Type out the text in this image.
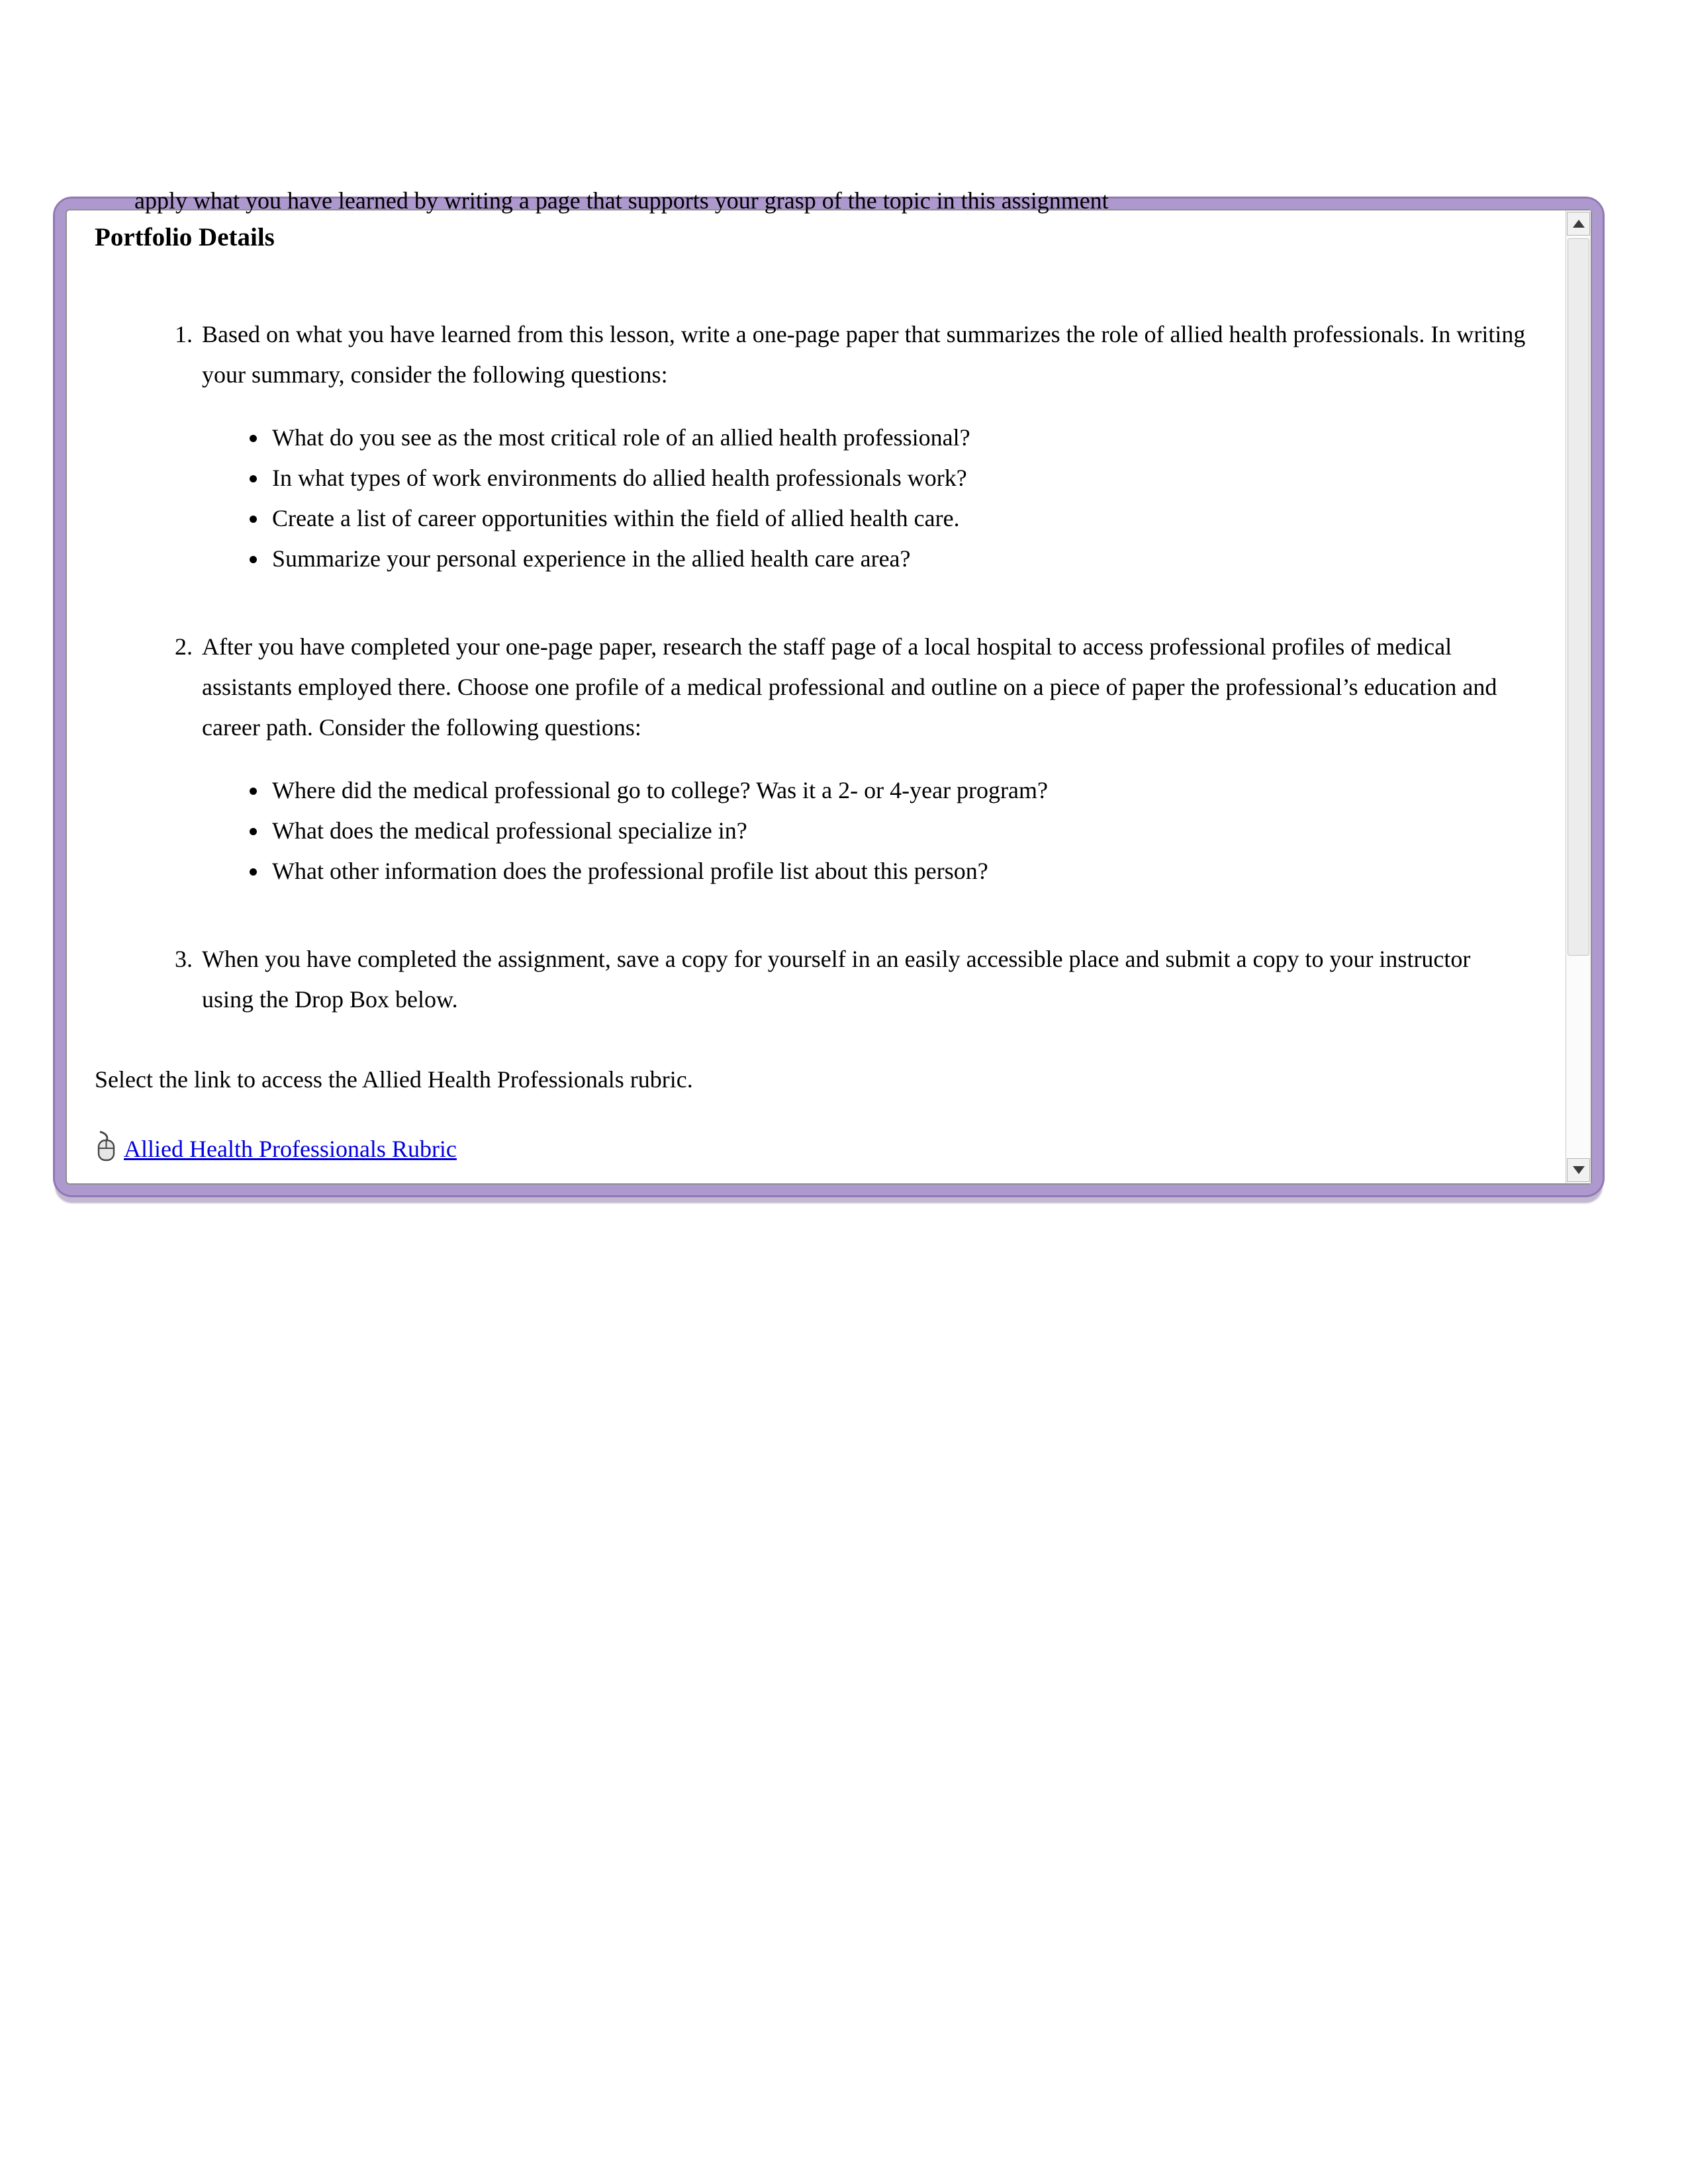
apply what you have learned by writing a page that supports your grasp of the topic in this assignment
Portfolio Details
1. Based on what you have learned from this lesson, write a one-page paper that summarizes the role of allied health professionals. In writing your summary, consider the following questions:

• What do you see as the most critical role of an allied health professional?
• In what types of work environments do allied health professionals work?
• Create a list of career opportunities within the field of allied health care.
• Summarize your personal experience in the allied health care area?
2. After you have completed your one-page paper, research the staff page of a local hospital to access professional profiles of medical assistants employed there. Choose one profile of a medical professional and outline on a piece of paper the professional’s education and career path. Consider the following questions:

• Where did the medical professional go to college? Was it a 2- or 4-year program?
• What does the medical professional specialize in?
• What other information does the professional profile list about this person?
3. When you have completed the assignment, save a copy for yourself in an easily accessible place and submit a copy to your instructor using the Drop Box below.

Select the link to access the Allied Health Professionals rubric.

Allied Health Professionals Rubric
